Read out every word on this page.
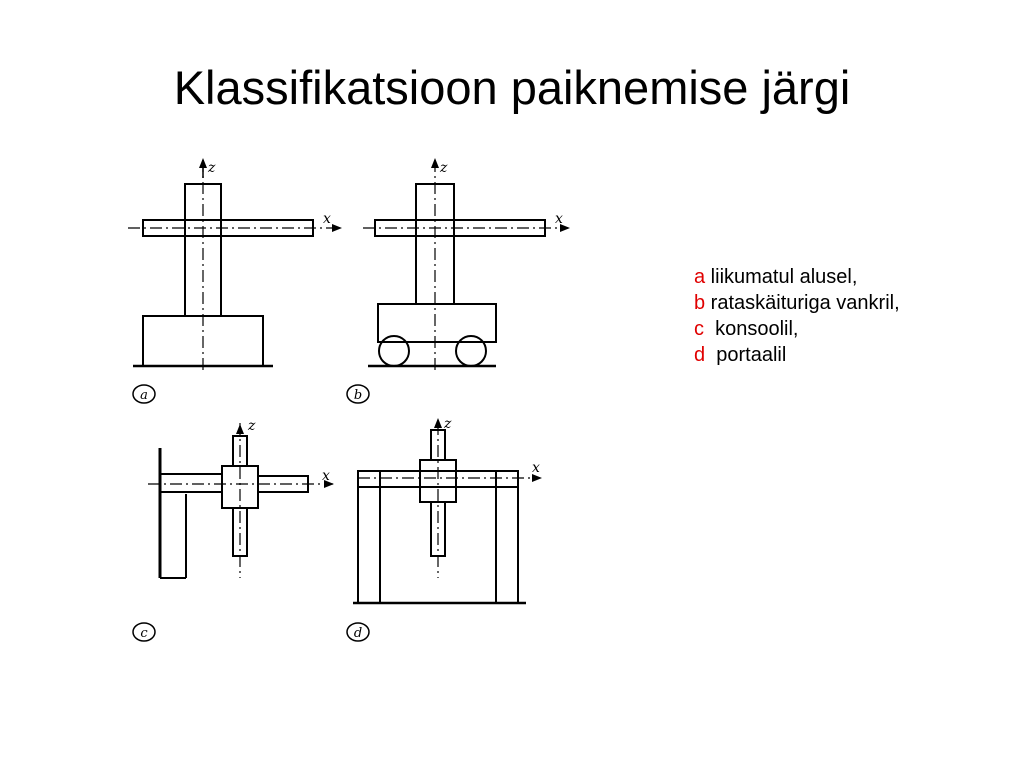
Klassifikatsioon paiknemise järgi
z
x
z
x
z
x
z
x
a	b
c	d
a liikumatul alusel,
b rataskäituriga vankril,
c  konsoolil,
d  portaalil
